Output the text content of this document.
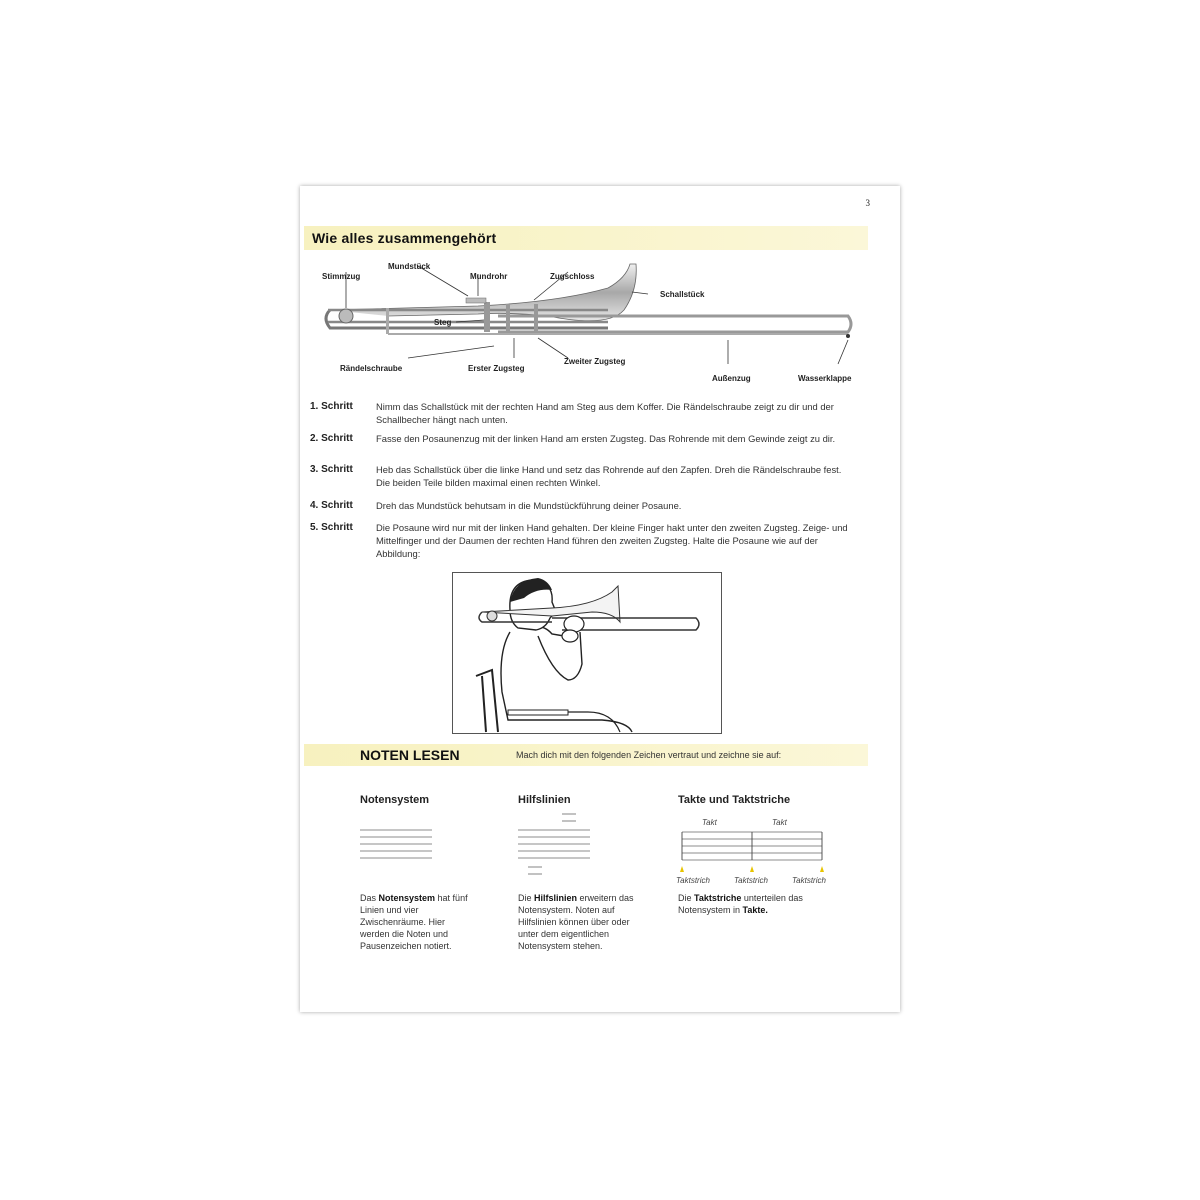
3
Wie alles zusammengehört
Stimmzug
Mundstück
Mundrohr	Zugschloss
Schallstück
Steg
Rändelschraube	Erster Zugsteg
Zweiter Zugsteg
Außenzug	Wasserklappe
1. Schritt Nimm das Schallstück mit der rechten Hand am Steg aus dem Koffer. Die Rändelschraube zeigt zu dir und der Schallbecher hängt nach unten.
2. Schritt Fasse den Posaunenzug mit der linken Hand am ersten Zugsteg. Das Rohrende mit dem Gewinde zeigt zu dir.
3. Schritt Heb das Schallstück über die linke Hand und setz das Rohrende auf den Zapfen. Dreh die Rändelschraube fest. Die beiden Teile bilden maximal einen rechten Winkel.
4. Schritt Dreh das Mundstück behutsam in die Mundstückführung deiner Posaune.
5. Schritt Die Posaune wird nur mit der linken Hand gehalten. Der kleine Finger hakt unter den zweiten Zugsteg. Zeige- und Mittelfinger und der Daumen der rechten Hand führen den zweiten Zugsteg. Halte die Posaune wie auf der Abbildung:
NOTEN LESEN	Mach dich mit den folgenden Zeichen vertraut und zeichne sie auf:
Notensystem
Das Notensystem hat fünf Linien und vier Zwischenräume. Hier werden die Noten und Pausenzeichen notiert.
Hilfslinien
Die Hilfslinien erweitern das Notensystem. Noten auf Hilfslinien können über oder unter dem eigentlichen Notensystem stehen.
Takte und Taktstriche
Takt	Takt
Taktstrich	Taktstrich	Taktstrich
Die Taktstriche unterteilen das Notensystem in Takte.
